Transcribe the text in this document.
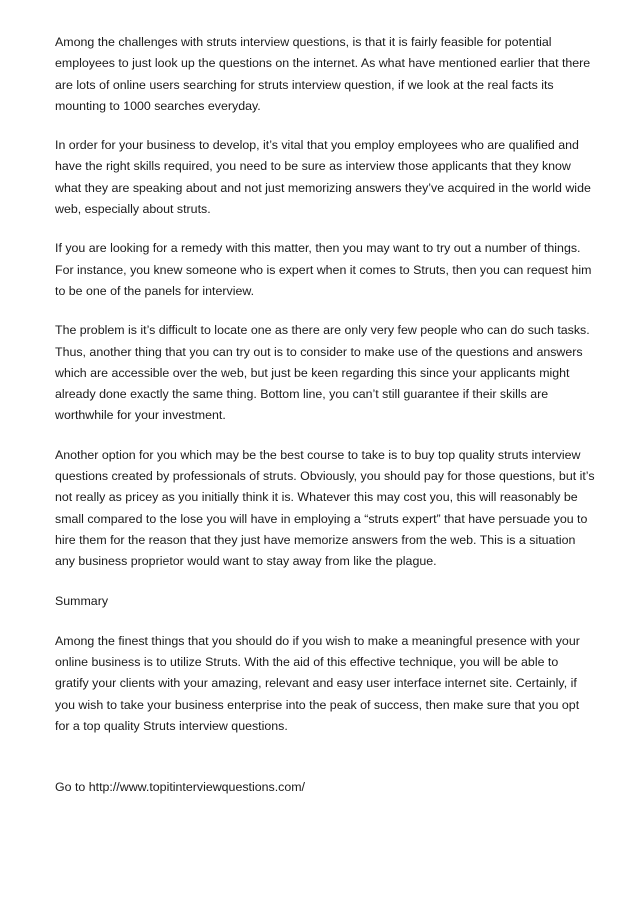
Among the challenges with struts interview questions, is that it is fairly feasible for potential employees to just look up the questions on the internet. As what have mentioned earlier that there are lots of online users searching for struts interview question, if we look at the real facts its mounting to 1000 searches everyday.

In order for your business to develop, it’s vital that you employ employees who are qualified and have the right skills required, you need to be sure as interview those applicants that they know what they are speaking about and not just memorizing answers they’ve acquired in the world wide web, especially about struts.

If you are looking for a remedy with this matter, then you may want to try out a number of things. For instance, you knew someone who is expert when it comes to Struts, then you can request him to be one of the panels for interview.

The problem is it’s difficult to locate one as there are only very few people who can do such tasks. Thus, another thing that you can try out is to consider to make use of the questions and answers which are accessible over the web, but just be keen regarding this since your applicants might already done exactly the same thing. Bottom line, you can’t still guarantee if their skills are worthwhile for your investment.

Another option for you which may be the best course to take is to buy top quality struts interview questions created by professionals of struts. Obviously, you should pay for those questions, but it’s not really as pricey as you initially think it is. Whatever this may cost you, this will reasonably be small compared to the lose you will have in employing a “struts expert” that have persuade you to hire them for the reason that they just have memorize answers from the web. This is a situation any business proprietor would want to stay away from like the plague.

Summary

Among the finest things that you should do if you wish to make a meaningful presence with your online business is to utilize Struts. With the aid of this effective technique, you will be able to gratify your clients with your amazing, relevant and easy user interface internet site. Certainly, if you wish to take your business enterprise into the peak of success, then make sure that you opt for a top quality Struts interview questions.

Go to http://www.topitinterviewquestions.com/
